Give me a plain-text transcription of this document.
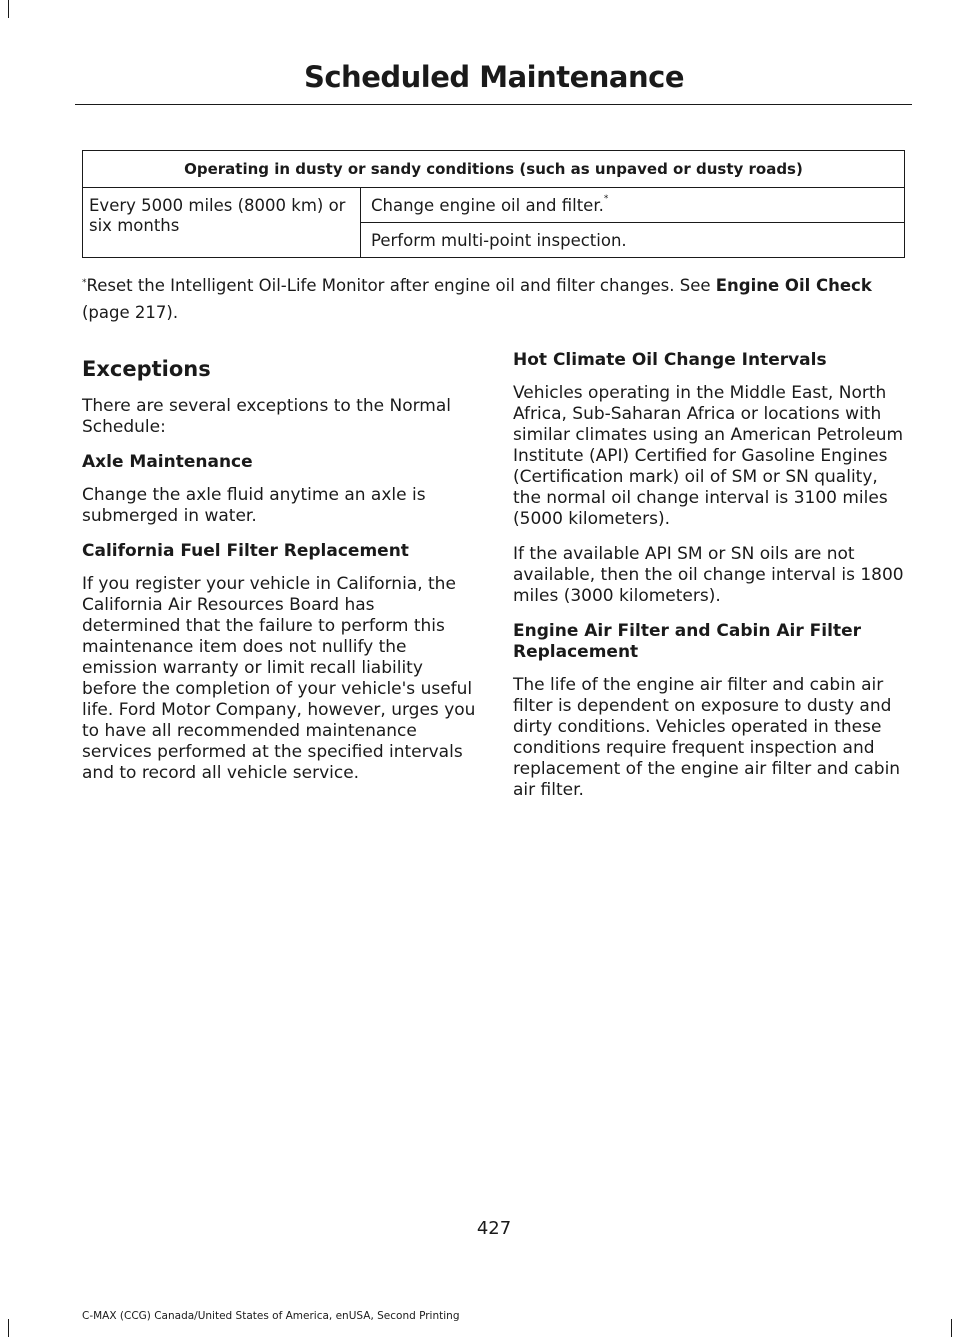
Scheduled Maintenance
Operating in dusty or sandy conditions (such as unpaved or dusty roads)
Every 5000 miles (8000 km) or six months	Change engine oil and filter.*
Perform multi-point inspection.
*Reset the Intelligent Oil-Life Monitor after engine oil and filter changes. See Engine Oil Check (page 217).
Exceptions

There are several exceptions to the Normal Schedule:

Axle Maintenance

Change the axle fluid anytime an axle is submerged in water.

California Fuel Filter Replacement

If you register your vehicle in California, the California Air Resources Board has determined that the failure to perform this maintenance item does not nullify the emission warranty or limit recall liability before the completion of your vehicle's useful life. Ford Motor Company, however, urges you to have all recommended maintenance services performed at the specified intervals and to record all vehicle service.

Hot Climate Oil Change Intervals

Vehicles operating in the Middle East, North Africa, Sub-Saharan Africa or locations with similar climates using an American Petroleum Institute (API) Certified for Gasoline Engines (Certification mark) oil of SM or SN quality, the normal oil change interval is 3100 miles (5000 kilometers).

If the available API SM or SN oils are not available, then the oil change interval is 1800 miles (3000 kilometers).

Engine Air Filter and Cabin Air Filter Replacement

The life of the engine air filter and cabin air filter is dependent on exposure to dusty and dirty conditions. Vehicles operated in these conditions require frequent inspection and replacement of the engine air filter and cabin air filter.

427
C-MAX (CCG) Canada/United States of America, enUSA, Second Printing
